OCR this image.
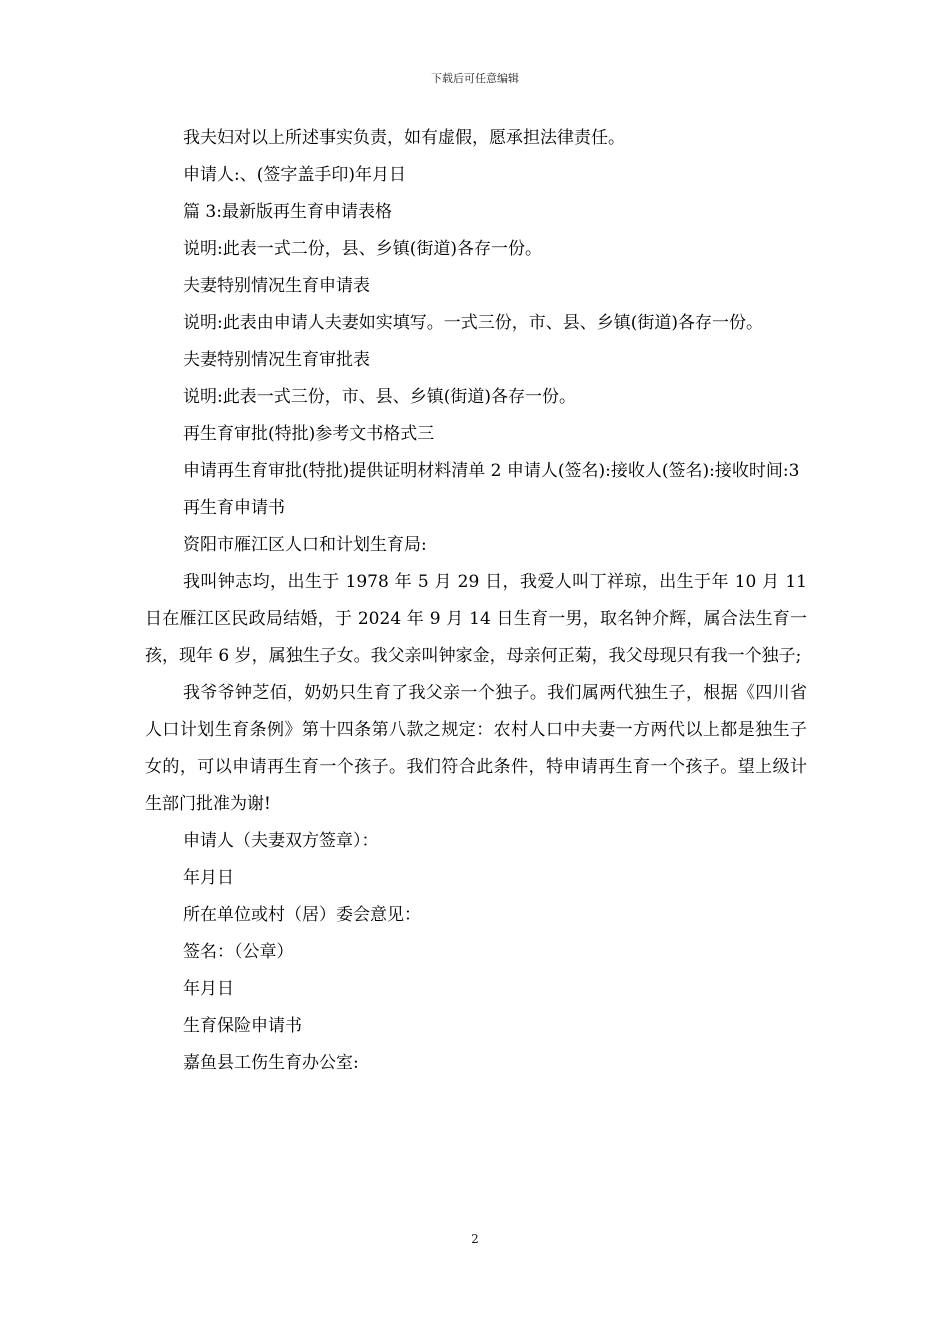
下载后可任意编辑

我夫妇对以上所述事实负责，如有虚假，愿承担法律责任。

申请人:、(签字盖手印)年月日

篇 3:最新版再生育申请表格

说明:此表一式二份，县、乡镇(街道)各存一份。

夫妻特别情况生育申请表

说明:此表由申请人夫妻如实填写。一式三份，市、县、乡镇(街道)各存一份。

夫妻特别情况生育审批表

说明:此表一式三份，市、县、乡镇(街道)各存一份。

再生育审批(特批)参考文书格式三

申请再生育审批(特批)提供证明材料清单 2 申请人(签名):接收人(签名):接收时间:3

再生育申请书

资阳市雁江区人口和计划生育局:

我叫钟志均，出生于 1978 年 5 月 29 日，我爱人叫丁祥琼，出生于年 10 月 11 日在雁江区民政局结婚，于 2024 年 9 月 14 日生育一男，取名钟介辉，属合法生育一孩，现年 6 岁，属独生子女。我父亲叫钟家金，母亲何正菊，我父母现只有我一个独子;

我爷爷钟芝佰，奶奶只生育了我父亲一个独子。我们属两代独生子，根据《四川省人口计划生育条例》第十四条第八款之规定：农村人口中夫妻一方两代以上都是独生子女的，可以申请再生育一个孩子。我们符合此条件，特申请再生育一个孩子。望上级计生部门批准为谢!

申请人（夫妻双方签章）：

年月日

所在单位或村（居）委会意见：

签名：（公章）

年月日

生育保险申请书

嘉鱼县工伤生育办公室:

2
